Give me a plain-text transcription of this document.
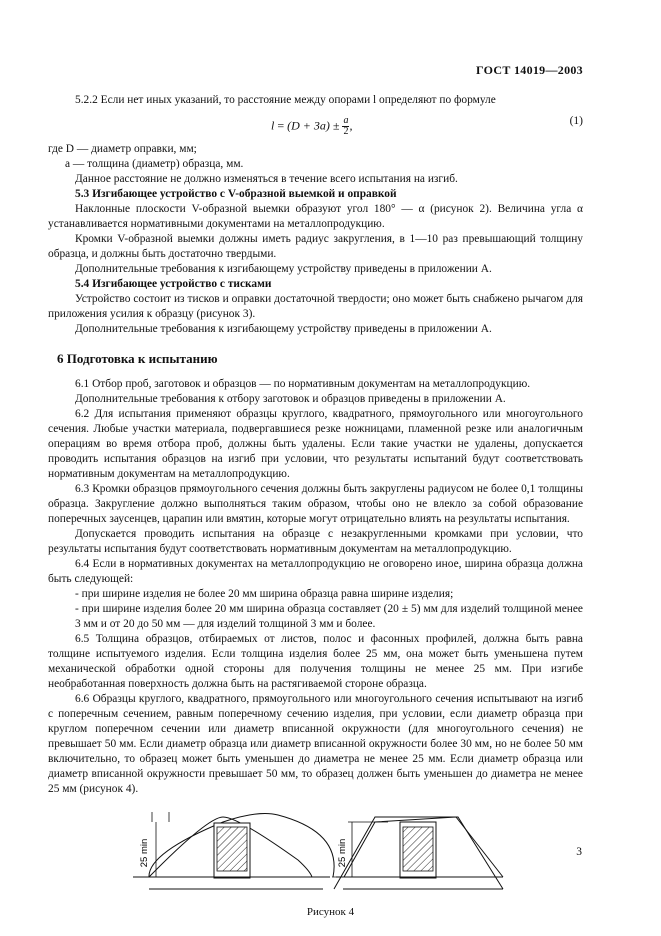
ГОСТ 14019—2003

5.2.2 Если нет иных указаний, то расстояние между опорами l определяют по формуле

$l = (D + 3a) \pm \frac{a}{2}$ ,	(1)

где D — диаметр оправки, мм;

a — толщина (диаметр) образца, мм.

Данное расстояние не должно изменяться в течение всего испытания на изгиб.

5.3 Изгибающее устройство с V-образной выемкой и оправкой

Наклонные плоскости V-образной выемки образуют угол 180° — α (рисунок 2). Величина угла α устанавливается нормативными документами на металлопродукцию.

Кромки V-образной выемки должны иметь радиус закругления, в 1—10 раз превышающий толщину образца, и должны быть достаточно твердыми.

Дополнительные требования к изгибающему устройству приведены в приложении А.

5.4 Изгибающее устройство с тисками

Устройство состоит из тисков и оправки достаточной твердости; оно может быть снабжено рычагом для приложения усилия к образцу (рисунок 3).

Дополнительные требования к изгибающему устройству приведены в приложении А.

6 Подготовка к испытанию

6.1 Отбор проб, заготовок и образцов — по нормативным документам на металлопродукцию.

Дополнительные требования к отбору заготовок и образцов приведены в приложении А.

6.2 Для испытания применяют образцы круглого, квадратного, прямоугольного или многоугольного сечения. Любые участки материала, подвергавшиеся резке ножницами, пламенной резке или аналогичным операциям во время отбора проб, должны быть удалены. Если такие участки не удалены, допускается проводить испытания образцов на изгиб при условии, что результаты испытаний будут соответствовать нормативным документам на металлопродукцию.

6.3 Кромки образцов прямоугольного сечения должны быть закруглены радиусом не более 0,1 толщины образца. Закругление должно выполняться таким образом, чтобы оно не влекло за собой образование поперечных заусенцев, царапин или вмятин, которые могут отрицательно влиять на результаты испытания.

Допускается проводить испытания на образце с незакругленными кромками при условии, что результаты испытания будут соответствовать нормативным документам на металлопродукцию.

6.4 Если в нормативных документах на металлопродукцию не оговорено иное, ширина образца должна быть следующей:

- при ширине изделия не более 20 мм ширина образца равна ширине изделия;

- при ширине изделия более 20 мм ширина образца составляет (20 ± 5) мм для изделий толщиной менее 3 мм и от 20 до 50 мм — для изделий толщиной 3 мм и более.

6.5 Толщина образцов, отбираемых от листов, полос и фасонных профилей, должна быть равна толщине испытуемого изделия. Если толщина изделия более 25 мм, она может быть уменьшена путем механической обработки одной стороны для получения толщины не менее 25 мм. При изгибе необработанная поверхность должна быть на растягиваемой стороне образца.

6.6 Образцы круглого, квадратного, прямоугольного или многоугольного сечения испытывают на изгиб с поперечным сечением, равным поперечному сечению изделия, при условии, если диаметр образца при круглом поперечном сечении или диаметр вписанной окружности (для многоугольного сечения) не превышает 50 мм. Если диаметр образца или диаметр вписанной окружности более 30 мм, но не более 50 мм включительно, то образец может быть уменьшен до диаметра не менее 25 мм. Если диаметр образца или диаметр вписанной окружности превышает 50 мм, то образец должен быть уменьшен до диаметра не менее 25 мм (рисунок 4).

25 min	25 min
Рисунок 4
3
